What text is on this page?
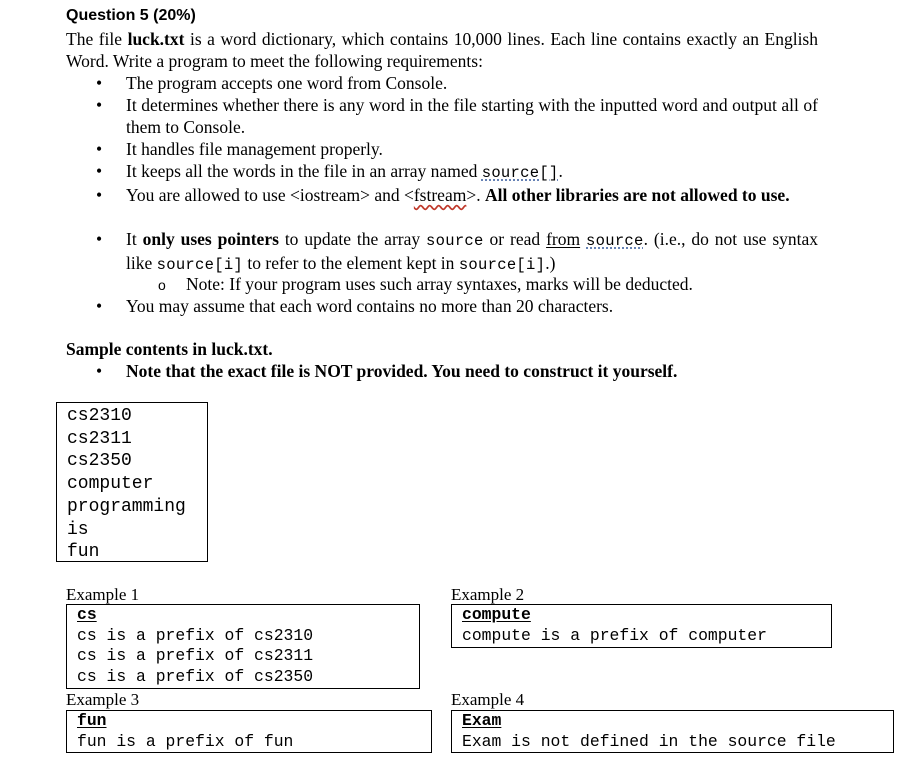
Question 5 (20%)
The file luck.txt is a word dictionary, which contains 10,000 lines. Each line contains exactly an English Word. Write a program to meet the following requirements:
• The program accepts one word from Console.
• It determines whether there is any word in the file starting with the inputted word and output all of them to Console.
• It handles file management properly.
• It keeps all the words in the file in an array named source[].
• You are allowed to use <iostream> and <fstream>. All other libraries are not allowed to use.
• It only uses pointers to update the array source or read from source. (i.e., do not use syntax like source[i] to refer to the element kept in source[i].)
o Note: If your program uses such array syntaxes, marks will be deducted.
• You may assume that each word contains no more than 20 characters.
Sample contents in luck.txt.
• Note that the exact file is NOT provided. You need to construct it yourself.
cs2310
cs2311
cs2350
computer
programming
is
fun
Example 1
cs
cs is a prefix of cs2310
cs is a prefix of cs2311
cs is a prefix of cs2350
Example 2
compute
compute is a prefix of computer
Example 3
fun
fun is a prefix of fun
Example 4
Exam
Exam is not defined in the source file
